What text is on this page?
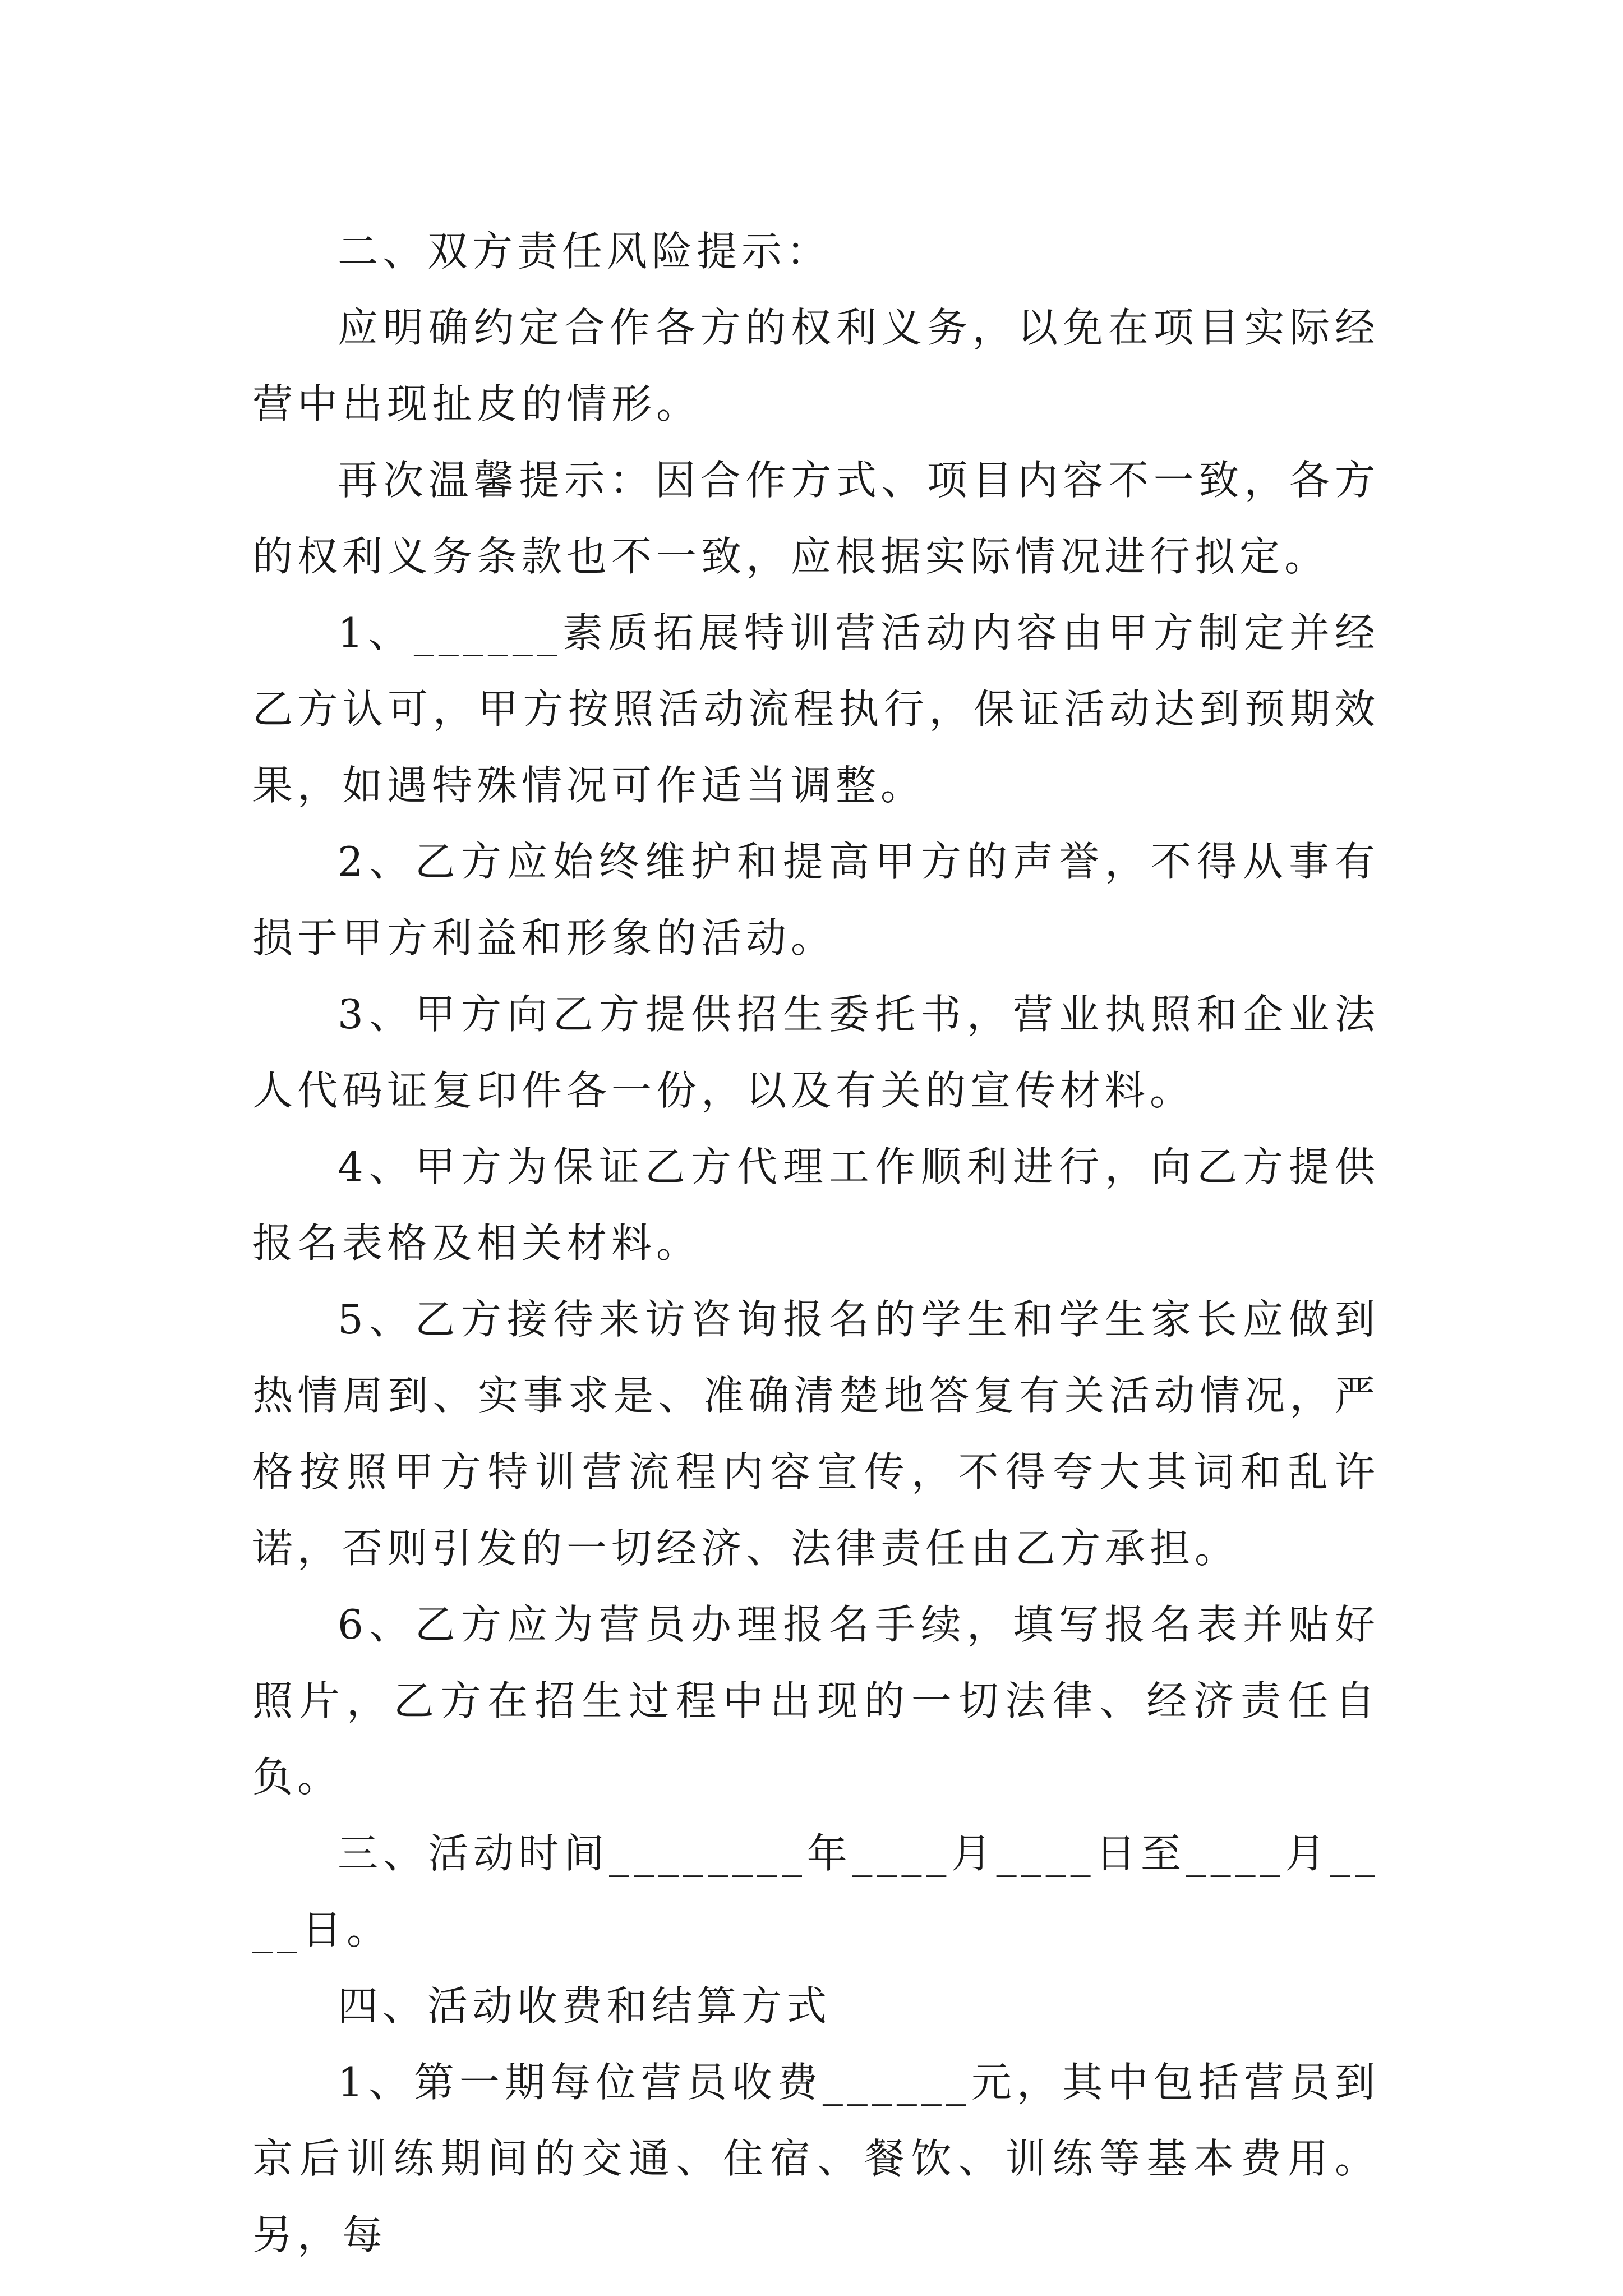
二、双方责任风险提示：

应明确约定合作各方的权利义务，以免在项目实际经营中出现扯皮的情形。

再次温馨提示：因合作方式、项目内容不一致，各方的权利义务条款也不一致，应根据实际情况进行拟定。

1、______素质拓展特训营活动内容由甲方制定并经乙方认可，甲方按照活动流程执行，保证活动达到预期效果，如遇特殊情况可作适当调整。

2、乙方应始终维护和提高甲方的声誉，不得从事有损于甲方利益和形象的活动。

3、甲方向乙方提供招生委托书，营业执照和企业法人代码证复印件各一份，以及有关的宣传材料。

4、甲方为保证乙方代理工作顺利进行，向乙方提供报名表格及相关材料。

5、乙方接待来访咨询报名的学生和学生家长应做到热情周到、实事求是、准确清楚地答复有关活动情况，严格按照甲方特训营流程内容宣传，不得夸大其词和乱许诺，否则引发的一切经济、法律责任由乙方承担。

6、乙方应为营员办理报名手续，填写报名表并贴好照片，乙方在招生过程中出现的一切法律、经济责任自负。

三、活动时间________年____月____日至____月____日。

四、活动收费和结算方式

1、第一期每位营员收费______元，其中包括营员到京后训练期间的交通、住宿、餐饮、训练等基本费用。另，每
